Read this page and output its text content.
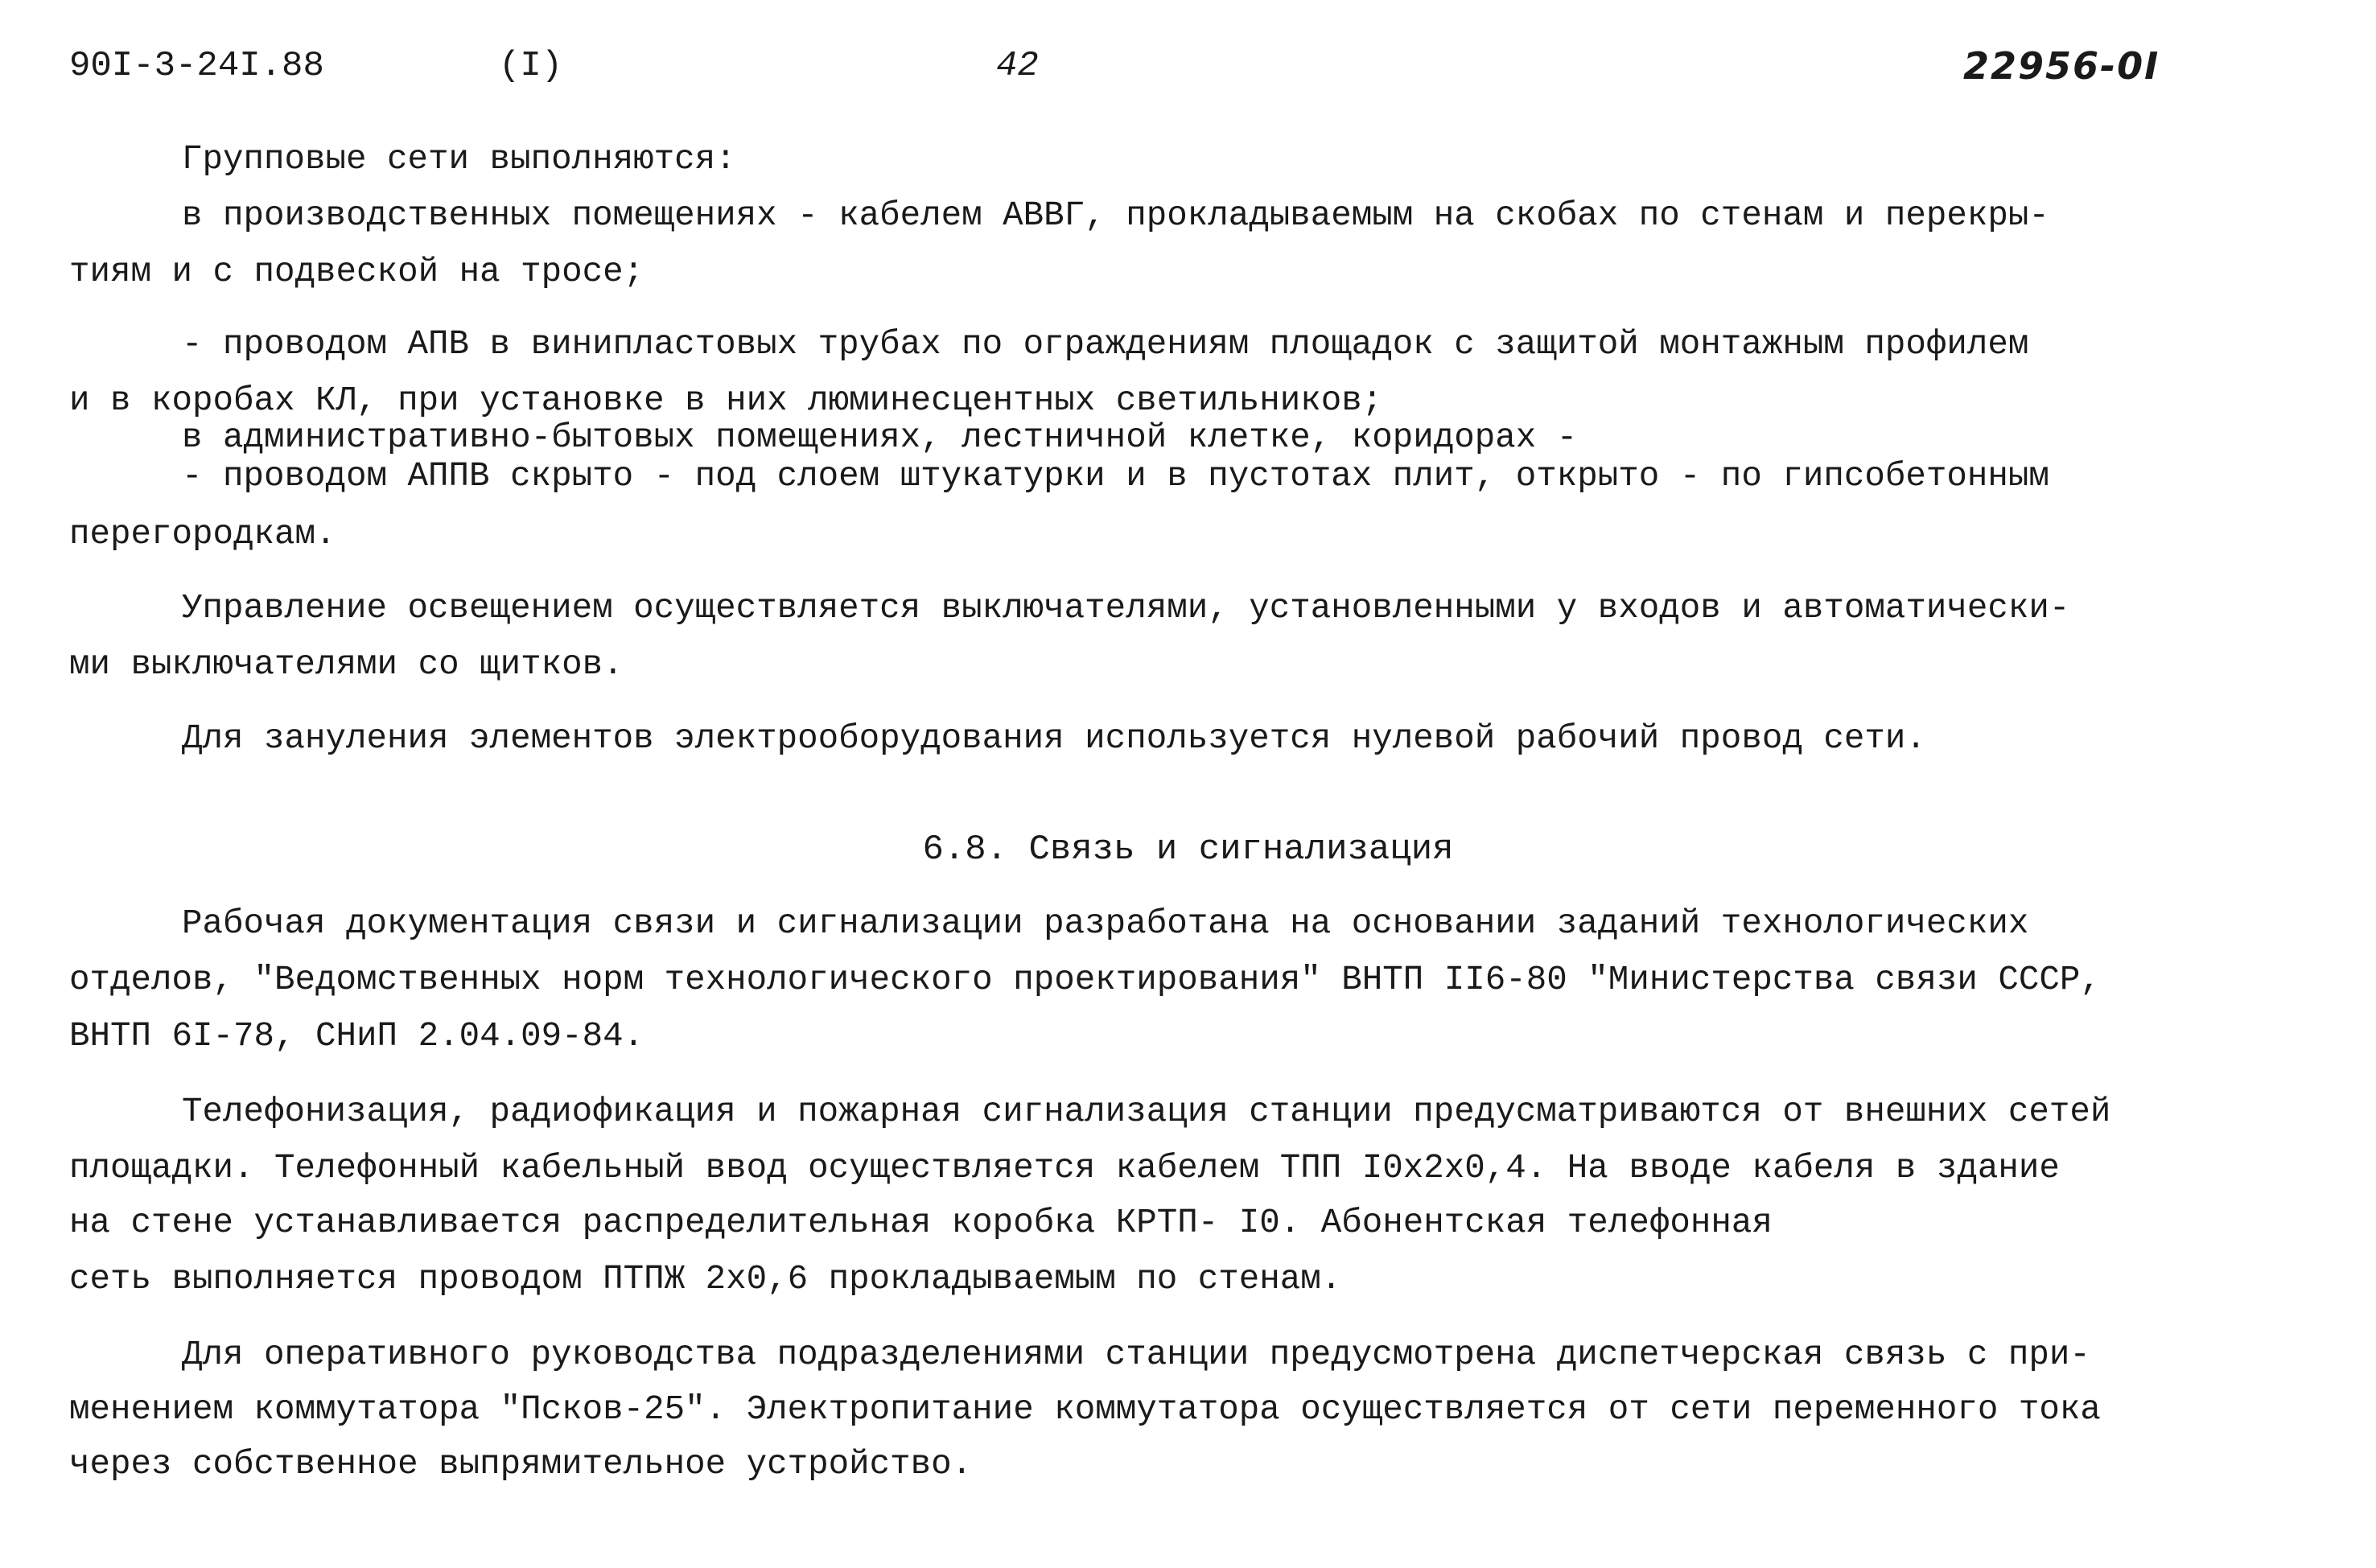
90I-3-24I.88	(I)	42	22956-0I
Групповые сети выполняются:
в производственных помещениях - кабелем АВВГ, прокладываемым на скобах по стенам и перекры-
тиям и с подвеской на тросе;
- проводом АПВ в винипластовых трубах по ограждениям площадок с защитой монтажным профилем
и в коробах КЛ, при установке в них люминесцентных светильников;
в административно-бытовых помещениях, лестничной клетке, коридорах -
- проводом АППВ скрыто - под слоем штукатурки и в пустотах плит, открыто - по гипсобетонным
перегородкам.
Управление освещением осуществляется выключателями, установленными у входов и автоматически-
ми выключателями со щитков.
Для зануления элементов электрооборудования используется нулевой рабочий провод сети.
6.8. Связь и сигнализация
Рабочая документация связи и сигнализации разработана на основании заданий технологических
отделов, "Ведомственных норм технологического проектирования" ВНТП II6-80 "Министерства связи СССР,
ВНТП 6I-78, СНиП 2.04.09-84.
Телефонизация, радиофикация и пожарная сигнализация станции предусматриваются от внешних сетей
площадки. Телефонный кабельный ввод осуществляется кабелем ТПП I0x2x0,4. На вводе кабеля в здание
на стене устанавливается распределительная коробка КРТП- I0. Абонентская телефонная
сеть выполняется проводом ПТПЖ 2x0,6 прокладываемым по стенам.
Для оперативного руководства подразделениями станции предусмотрена диспетчерская связь с при-
менением коммутатора "Псков-25". Электропитание коммутатора осуществляется от сети переменного тока
через собственное выпрямительное устройство.
